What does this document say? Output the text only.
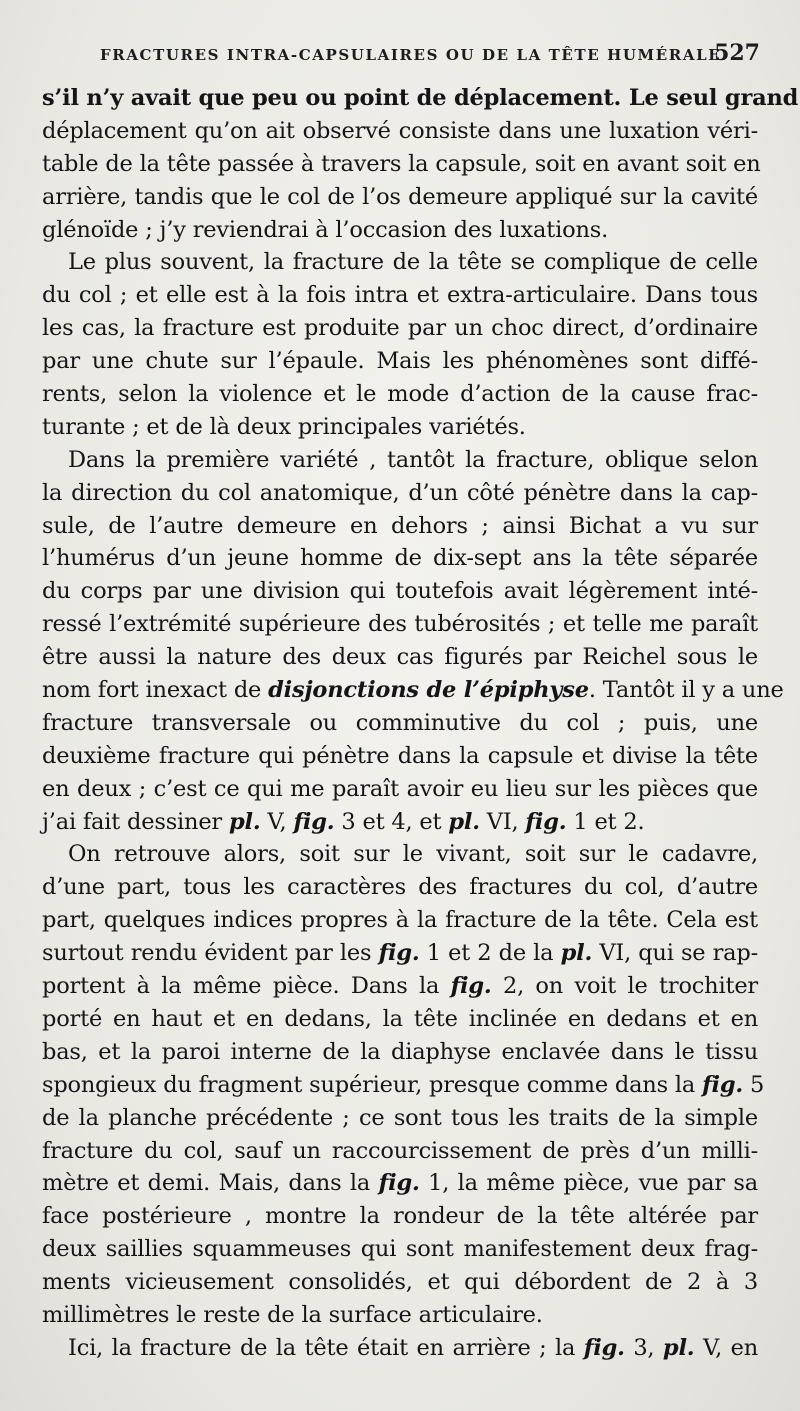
FRACTURES INTRA-CAPSULAIRES OU DE LA TÊTE HUMÉRALE.
527
s’il n’y avait que peu ou point de déplacement. Le seul grand
déplacement qu’on ait observé consiste dans une luxation véri-
table de la tête passée à travers la capsule, soit en avant soit en
arrière, tandis que le col de l’os demeure appliqué sur la cavité
glénoïde ; j’y reviendrai à l’occasion des luxations.
Le plus souvent, la fracture de la tête se complique de celle
du col ; et elle est à la fois intra et extra-articulaire. Dans tous
les cas, la fracture est produite par un choc direct, d’ordinaire
par une chute sur l’épaule. Mais les phénomènes sont diffé-
rents, selon la violence et le mode d’action de la cause frac-
turante ; et de là deux principales variétés.
Dans la première variété , tantôt la fracture, oblique selon
la direction du col anatomique, d’un côté pénètre dans la cap-
sule, de l’autre demeure en dehors ; ainsi Bichat a vu sur
l’humérus d’un jeune homme de dix-sept ans la tête séparée
du corps par une division qui toutefois avait légèrement inté-
ressé l’extrémité supérieure des tubérosités ; et telle me paraît
être aussi la nature des deux cas figurés par Reichel sous le
nom fort inexact de disjonctions de l’épiphyse. Tantôt il y a une
fracture transversale ou comminutive du col ; puis, une
deuxième fracture qui pénètre dans la capsule et divise la tête
en deux ; c’est ce qui me paraît avoir eu lieu sur les pièces que
j’ai fait dessiner pl. V, fig. 3 et 4, et pl. VI, fig. 1 et 2.
On retrouve alors, soit sur le vivant, soit sur le cadavre,
d’une part, tous les caractères des fractures du col, d’autre
part, quelques indices propres à la fracture de la tête. Cela est
surtout rendu évident par les fig. 1 et 2 de la pl. VI, qui se rap-
portent à la même pièce. Dans la fig. 2, on voit le trochiter
porté en haut et en dedans, la tête inclinée en dedans et en
bas, et la paroi interne de la diaphyse enclavée dans le tissu
spongieux du fragment supérieur, presque comme dans la fig. 5
de la planche précédente ; ce sont tous les traits de la simple
fracture du col, sauf un raccourcissement de près d’un milli-
mètre et demi. Mais, dans la fig. 1, la même pièce, vue par sa
face postérieure , montre la rondeur de la tête altérée par
deux saillies squammeuses qui sont manifestement deux frag-
ments vicieusement consolidés, et qui débordent de 2 à 3
millimètres le reste de la surface articulaire.
Ici, la fracture de la tête était en arrière ; la fig. 3, pl. V, en
